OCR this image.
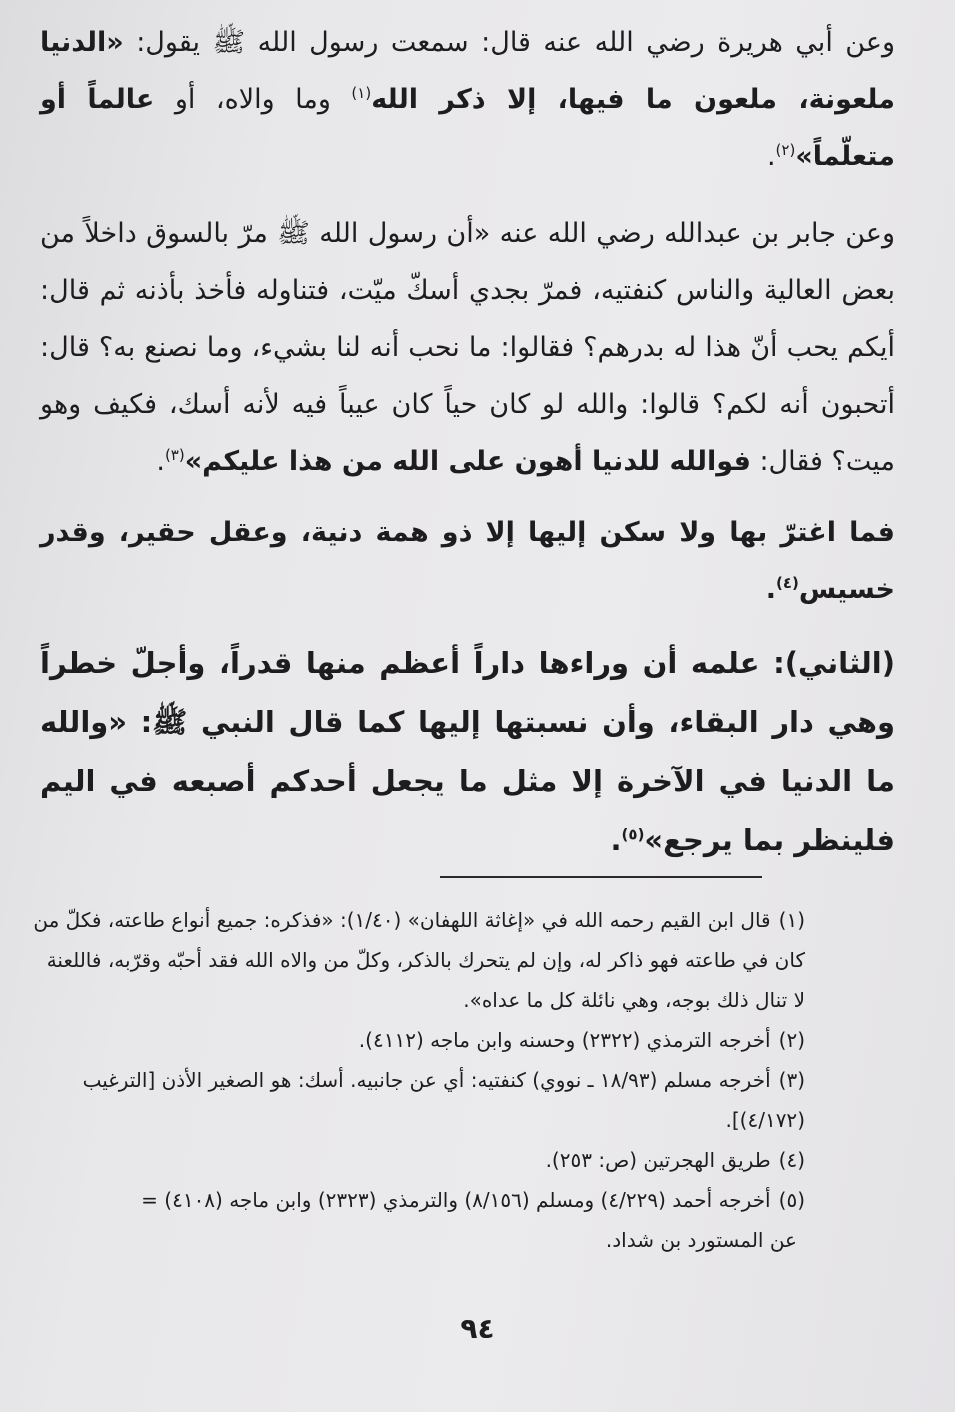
وعن أبي هريرة رضي الله عنه قال: سمعت رسول الله ﷺ يقول: «الدنيا ملعونة، ملعون ما فيها، إلا ذكر الله$^{(١)}$ وما والاه، أو عالماً أو متعلّماً»$^{(٢)}$.

وعن جابر بن عبدالله رضي الله عنه «أن رسول الله ﷺ مرّ بالسوق داخلاً من بعض العالية والناس كنفتيه، فمرّ بجدي أسكّ ميّت، فتناوله فأخذ بأذنه ثم قال: أيكم يحب أنّ هذا له بدرهم؟ فقالوا: ما نحب أنه لنا بشيء، وما نصنع به؟ قال: أتحبون أنه لكم؟ قالوا: والله لو كان حياً كان عيباً فيه لأنه أسك، فكيف وهو ميت؟ فقال: فوالله للدنيا أهون على الله من هذا عليكم»$^{(٣)}$.

فما اغترّ بها ولا سكن إليها إلا ذو همة دنية، وعقل حقير، وقدر خسيس$^{(٤)}$.

(الثاني): علمه أن وراءها داراً أعظم منها قدراً، وأجلّ خطراً وهي دار البقاء، وأن نسبتها إليها كما قال النبي ﷺ: «والله ما الدنيا في الآخرة إلا مثل ما يجعل أحدكم أصبعه في اليم فلينظر بما يرجع»$^{(٥)}$.

(١)قال ابن القيم رحمه الله في «إغاثة اللهفان» (١/٤٠): «فذكره: جميع أنواع طاعته، فكلّ من كان في طاعته فهو ذاكر له، وإن لم يتحرك بالذكر، وكلّ من والاه الله فقد أحبّه وقرّبه، فاللعنة لا تنال ذلك بوجه، وهي نائلة كل ما عداه».

(٢)أخرجه الترمذي (٢٣٢٢) وحسنه وابن ماجه (٤١١٢).

(٣)أخرجه مسلم (١٨/٩٣ ـ نووي) كنفتيه: أي عن جانبيه. أسك: هو الصغير الأذن [الترغيب (٤/١٧٢)].

(٤)طريق الهجرتين (ص: ٢٥٣).

(٥)أخرجه أحمد (٤/٢٢٩) ومسلم (٨/١٥٦) والترمذي (٢٣٢٣) وابن ماجه (٤١٠٨) =

عن المستورد بن شداد.

٩٤
